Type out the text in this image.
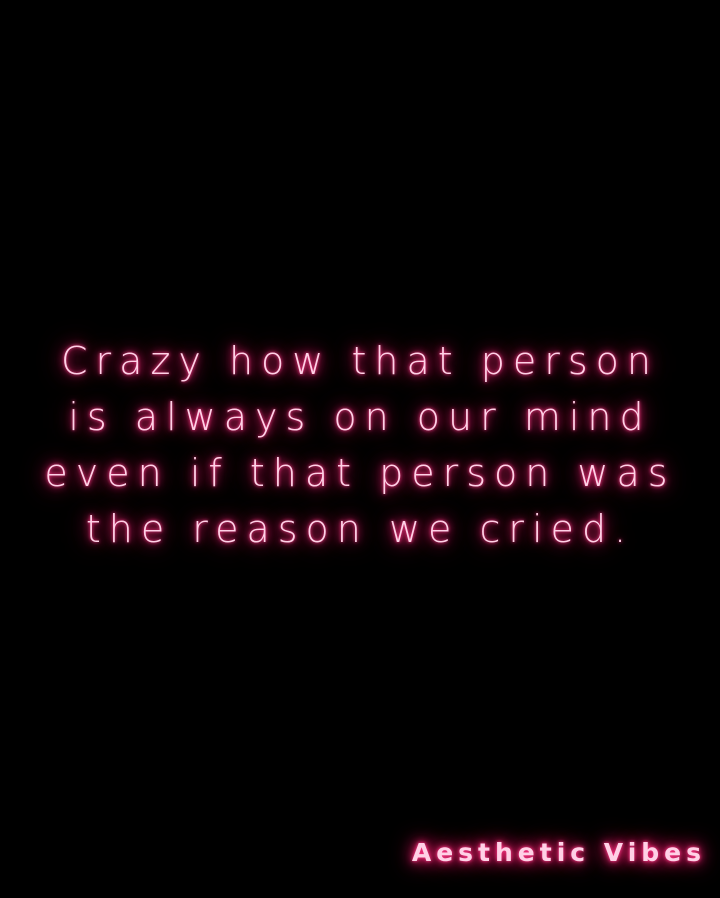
Crazy how that person
is always on our mind
even if that person was
the reason we cried.
Aesthetic Vibes
